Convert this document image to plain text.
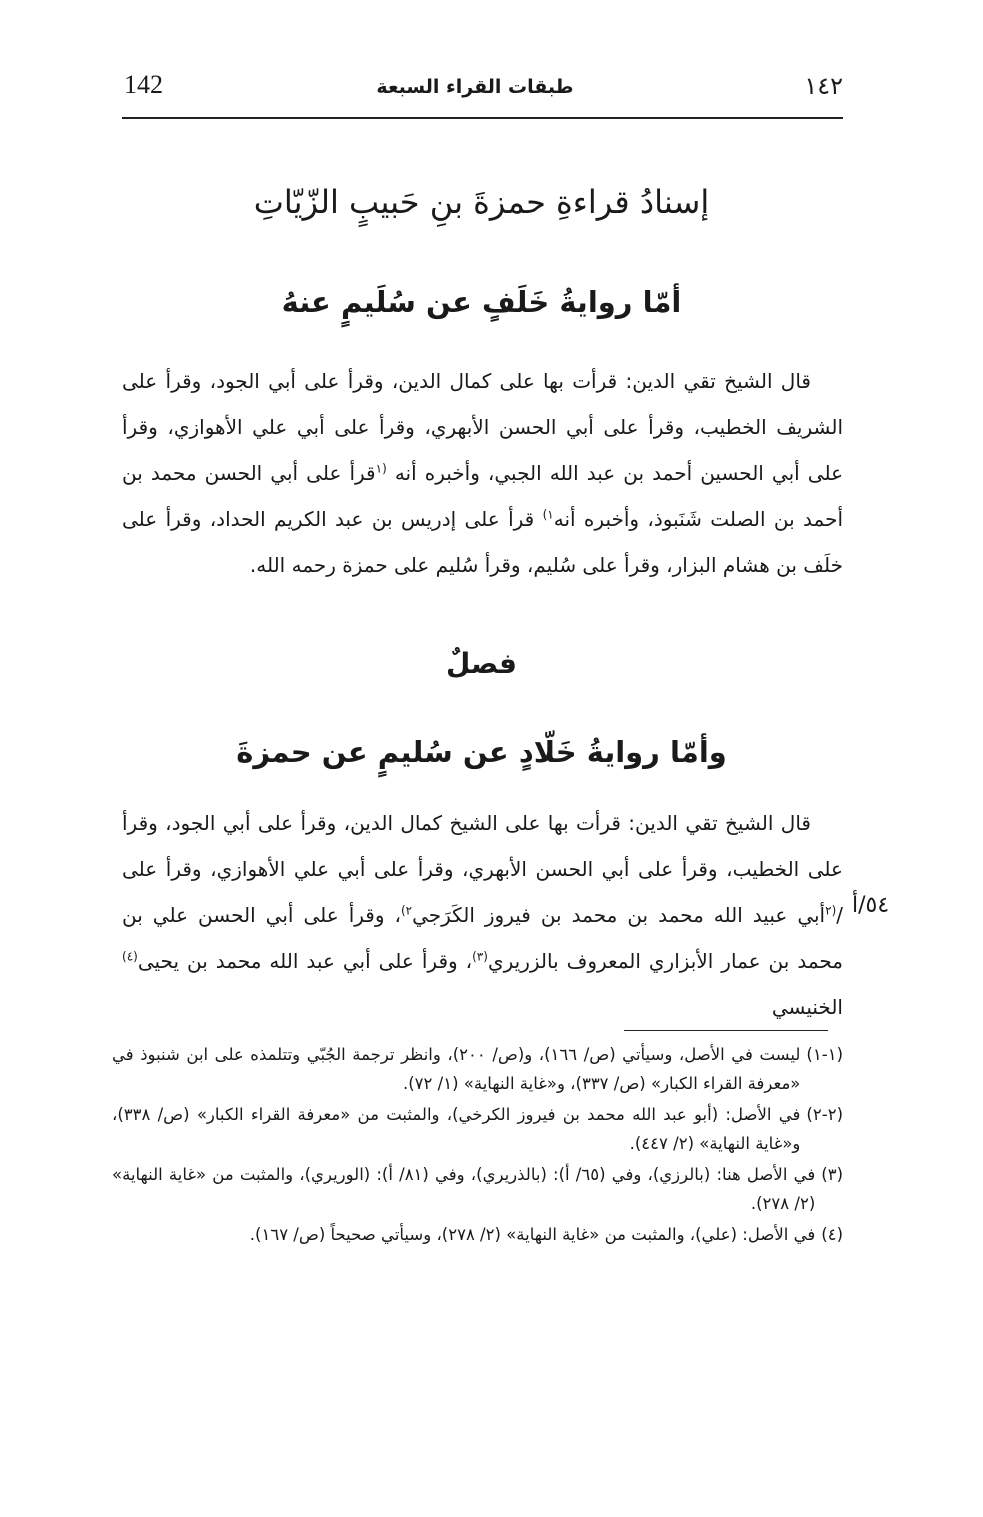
142	طبقات القراء السبعة	١٤٢
إسنادُ قراءةِ حمزةَ بنِ حَبيبٍ الزّيّاتِ
أمّا روايةُ خَلَفٍ عن سُلَيمٍ عنهُ
قال الشيخ تقي الدين: قرأت بها على كمال الدين، وقرأ على أبي الجود، وقرأ على الشريف الخطيب، وقرأ على أبي الحسن الأبهري، وقرأ على أبي علي الأهوازي، وقرأ على أبي الحسين أحمد بن عبد الله الجبي، وأخبره أنه $^{(١}$قرأ على أبي الحسن محمد بن أحمد بن الصلت شَنَبوذ، وأخبره أنه$^{١)}$ قرأ على إدريس بن عبد الكريم الحداد، وقرأ على خلَف بن هشام البزار، وقرأ على سُليم، وقرأ سُليم على حمزة رحمه الله.
فصلٌ
وأمّا روايةُ خَلّادٍ عن سُليمٍ عن حمزةَ
قال الشيخ تقي الدين: قرأت بها على الشيخ كمال الدين، وقرأ على أبي الجود، وقرأ على الخطيب، وقرأ على أبي الحسن الأبهري، وقرأ على أبي علي الأهوازي، وقرأ على /$^{(٢}$أبي عبيد الله محمد بن محمد بن فيروز الكَرَجي$^{٢)}$، وقرأ على أبي الحسن علي بن محمد بن عمار الأبزاري المعروف بالزريري$^{(٣)}$، وقرأ على أبي عبد الله محمد بن يحيى$^{(٤)}$ الخنيسي
٥٤/أ
(١-١)
ليست في الأصل، وسيأتي (ص/ ١٦٦)، و(ص/ ٢٠٠)، وانظر ترجمة الجُبّي وتتلمذه على ابن شنبوذ في «معرفة القراء الكبار» (ص/ ٣٣٧)، و«غاية النهاية» (١/ ٧٢).
(٢-٢)
في الأصل: (أبو عبد الله محمد بن فيروز الكرخي)، والمثبت من «معرفة القراء الكبار» (ص/ ٣٣٨)، و«غاية النهاية» (٢/ ٤٤٧).
(٣)
في الأصل هنا: (بالرزي)، وفي (٦٥/ أ): (بالذريري)، وفي (٨١/ أ): (الوريري)، والمثبت من «غاية النهاية» (٢/ ٢٧٨).
(٤)
في الأصل: (علي)، والمثبت من «غاية النهاية» (٢/ ٢٧٨)، وسيأتي صحيحاً (ص/ ١٦٧).
